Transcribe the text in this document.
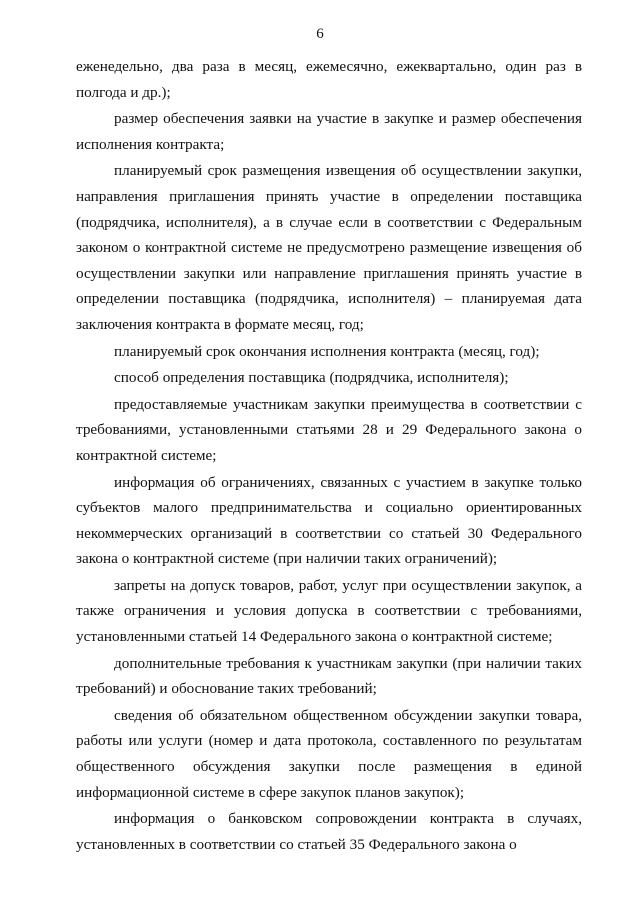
6

еженедельно, два раза в месяц, ежемесячно, ежеквартально, один раз в полгода и др.);

размер обеспечения заявки на участие в закупке и размер обеспечения исполнения контракта;

планируемый срок размещения извещения об осуществлении закупки, направления приглашения принять участие в определении поставщика (подрядчика, исполнителя), а в случае если в соответствии с Федеральным законом о контрактной системе не предусмотрено размещение извещения об осуществлении закупки или направление приглашения принять участие в определении поставщика (подрядчика, исполнителя) – планируемая дата заключения контракта в формате месяц, год;

планируемый срок окончания исполнения контракта (месяц, год);

способ определения поставщика (подрядчика, исполнителя);

предоставляемые участникам закупки преимущества в соответствии с требованиями, установленными статьями 28 и 29 Федерального закона о контрактной системе;

информация об ограничениях, связанных с участием в закупке только субъектов малого предпринимательства и социально ориентированных некоммерческих организаций в соответствии со статьей 30 Федерального закона о контрактной системе (при наличии таких ограничений);

запреты на допуск товаров, работ, услуг при осуществлении закупок, а также ограничения и условия допуска в соответствии с требованиями, установленными статьей 14 Федерального закона о контрактной системе;

дополнительные требования к участникам закупки (при наличии таких требований) и обоснование таких требований;

сведения об обязательном общественном обсуждении закупки товара, работы или услуги (номер и дата протокола, составленного по результатам общественного обсуждения закупки после размещения в единой информационной системе в сфере закупок планов закупок);

информация о банковском сопровождении контракта в случаях, установленных в соответствии со статьей 35 Федерального закона о
